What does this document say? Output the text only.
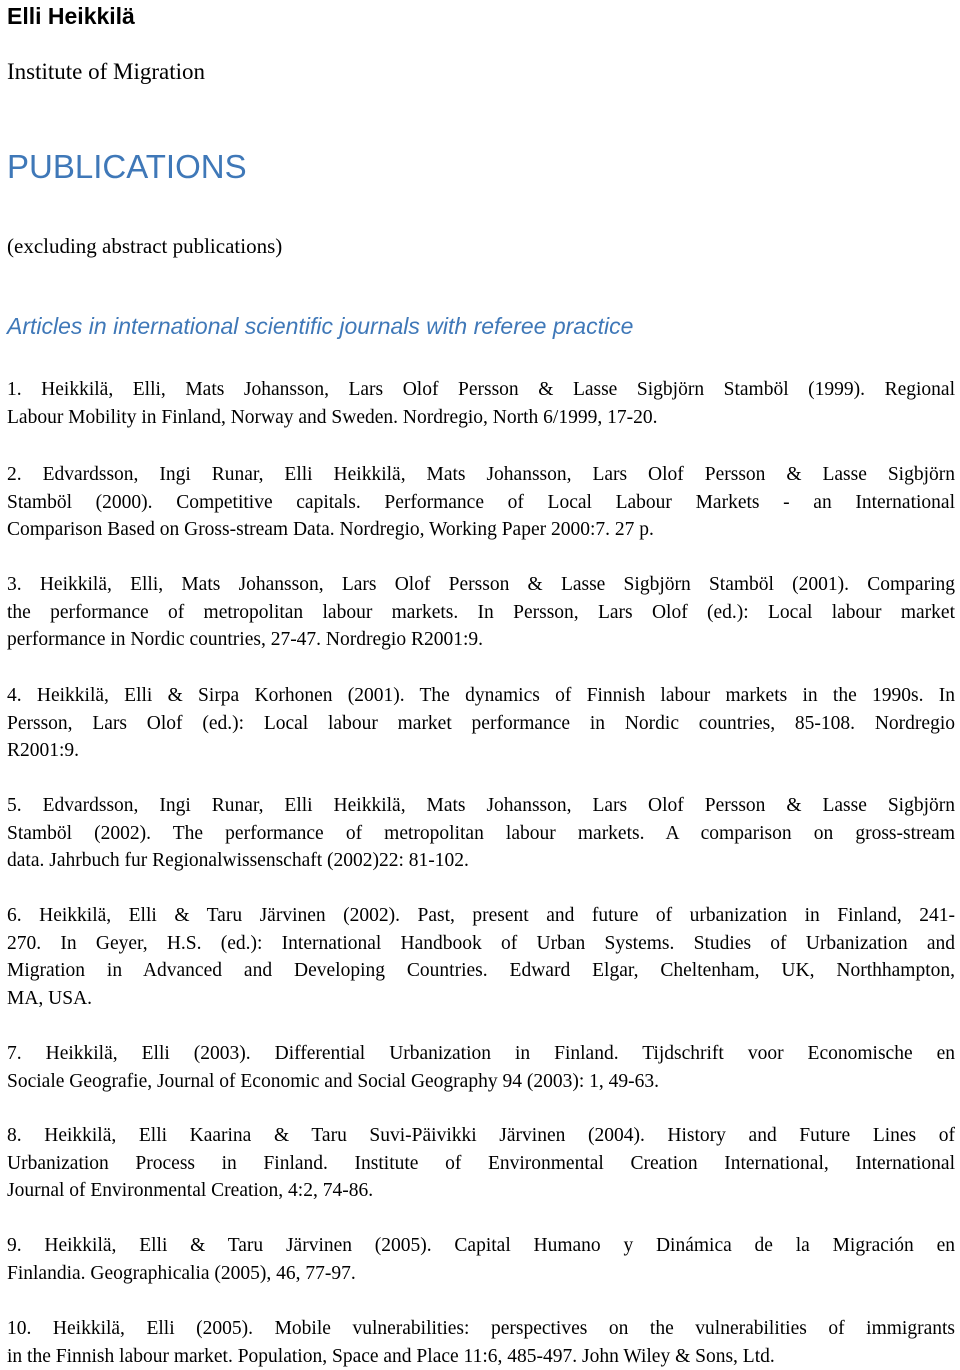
Elli Heikkilä
Institute of Migration
PUBLICATIONS
(excluding abstract publications)
Articles in international scientific journals with referee practice
1. Heikkilä, Elli, Mats Johansson, Lars Olof Persson & Lasse Sigbjörn Stamböl (1999). Regional
Labour Mobility in Finland, Norway and Sweden. Nordregio, North 6/1999, 17-20.
2. Edvardsson, Ingi Runar, Elli Heikkilä, Mats Johansson, Lars Olof Persson & Lasse Sigbjörn
Stamböl (2000). Competitive capitals. Performance of Local Labour Markets - an International
Comparison Based on Gross-stream Data. Nordregio, Working Paper 2000:7. 27 p.
3. Heikkilä, Elli, Mats Johansson, Lars Olof Persson & Lasse Sigbjörn Stamböl (2001). Comparing
the performance of metropolitan labour markets. In Persson, Lars Olof (ed.): Local labour market
performance in Nordic countries, 27-47. Nordregio R2001:9.
4. Heikkilä, Elli & Sirpa Korhonen (2001). The dynamics of Finnish labour markets in the 1990s. In
Persson, Lars Olof (ed.): Local labour market performance in Nordic countries, 85-108. Nordregio
R2001:9.
5. Edvardsson, Ingi Runar, Elli Heikkilä, Mats Johansson, Lars Olof Persson & Lasse Sigbjörn
Stamböl (2002). The performance of metropolitan labour markets. A comparison on gross-stream
data. Jahrbuch fur Regionalwissenschaft (2002)22: 81-102.
6. Heikkilä, Elli & Taru Järvinen (2002). Past, present and future of urbanization in Finland, 241-
270. In Geyer, H.S. (ed.): International Handbook of Urban Systems. Studies of Urbanization and
Migration in Advanced and Developing Countries. Edward Elgar, Cheltenham, UK, Northhampton,
MA, USA.
7. Heikkilä, Elli (2003). Differential Urbanization in Finland. Tijdschrift voor Economische en
Sociale Geografie, Journal of Economic and Social Geography 94 (2003): 1, 49-63.
8. Heikkilä, Elli Kaarina & Taru Suvi-Päivikki Järvinen (2004). History and Future Lines of
Urbanization Process in Finland. Institute of Environmental Creation International, International
Journal of Environmental Creation, 4:2, 74-86.
9. Heikkilä, Elli & Taru Järvinen (2005). Capital Humano y Dinámica de la Migración en
Finlandia. Geographicalia (2005), 46, 77-97.
10. Heikkilä, Elli (2005). Mobile vulnerabilities: perspectives on the vulnerabilities of immigrants
in the Finnish labour market. Population, Space and Place 11:6, 485-497. John Wiley & Sons, Ltd.
